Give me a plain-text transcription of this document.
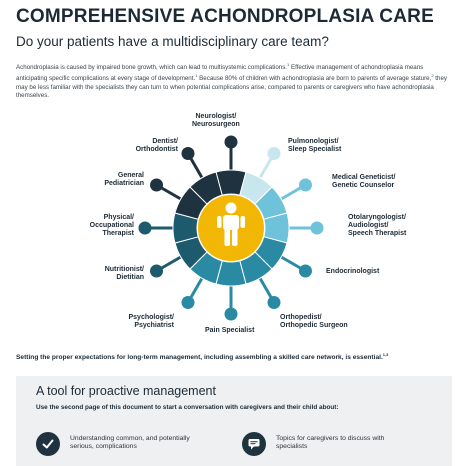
COMPREHENSIVE ACHONDROPLASIA CARE
Do your patients have a multidisciplinary care team?
Achondroplasia is caused by impaired bone growth, which can lead to multisystemic complications.$^1$ Effective management of achondroplasia means anticipating specific complications at every stage of development.$^1$ Because 80% of children with achondroplasia are born to parents of average stature,$^2$ they may be less familiar with the specialists they can turn to when potential complications arise, compared to parents or caregivers who have achondroplasia themselves.
Neurologist/
Neurosurgeon
Pulmonologist/
Sleep Specialist
Medical Geneticist/
Genetic Counselor
Otolaryngologist/
Audiologist/
Speech Therapist
Endocrinologist
Orthopedist/
Orthopedic Surgeon
Pain Specialist
Psychologist/
Psychiatrist
Nutritionist/
Dietitian
Physical/
Occupational
Therapist
General
Pediatrician
Dentist/
Orthodontist
Setting the proper expectations for long-term management, including assembling a skilled care network, is essential.$^{1,3}$
A tool for proactive management
Use the second page of this document to start a conversation with caregivers and their child about:
Understanding common, and potentially serious, complications
Topics for caregivers to discuss with specialists
